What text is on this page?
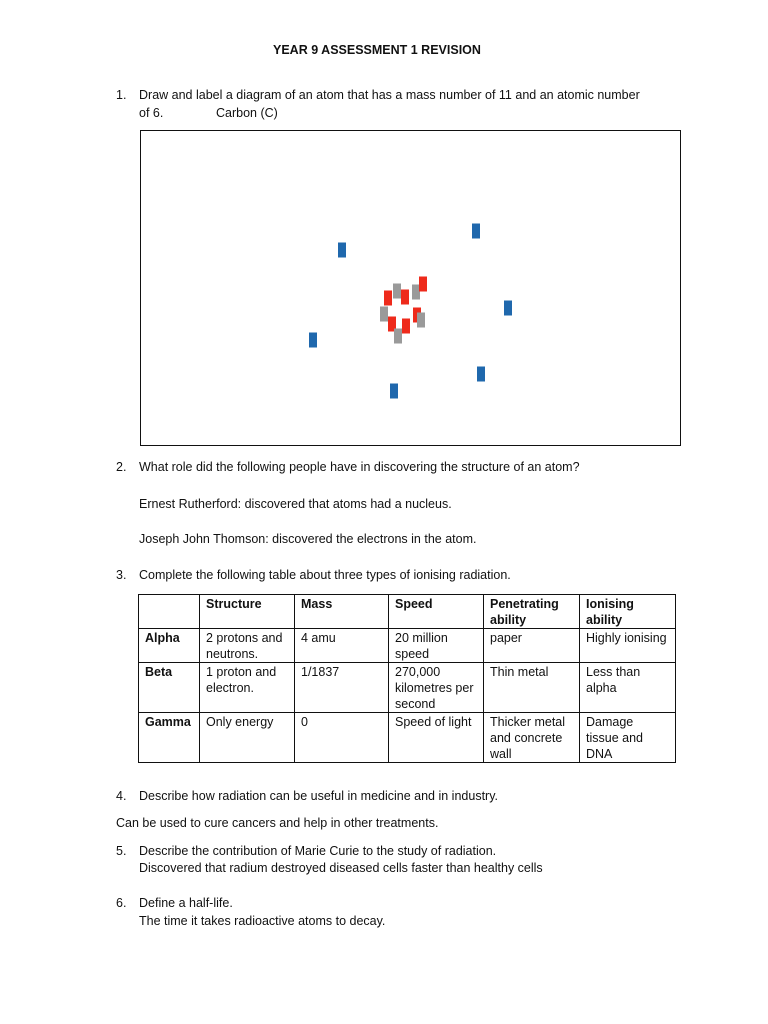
YEAR 9 ASSESSMENT 1 REVISION
1. Draw and label a diagram of an atom that has a mass number of 11 and an atomic number
of 6.	Carbon (C)
2. What role did the following people have in discovering the structure of an atom?
Ernest Rutherford: discovered that atoms had a nucleus.
Joseph John Thomson: discovered the electrons in the atom.
3. Complete the following table about three types of ionising radiation.
	Structure	Mass	Speed	Penetrating ability	Ionising ability
Alpha	2 protons and neutrons.	4 amu	20 million speed	paper	Highly ionising
Beta	1 proton and electron.	1/1837	270,000 kilometres per second	Thin metal	Less than alpha
Gamma	Only energy	0	Speed of light	Thicker metal and concrete wall	Damage tissue and DNA
4. Describe how radiation can be useful in medicine and in industry.
Can be used to cure cancers and help in other treatments.
5. Describe the contribution of Marie Curie to the study of radiation.
Discovered that radium destroyed diseased cells faster than healthy cells
6. Define a half-life.
The time it takes radioactive atoms to decay.
